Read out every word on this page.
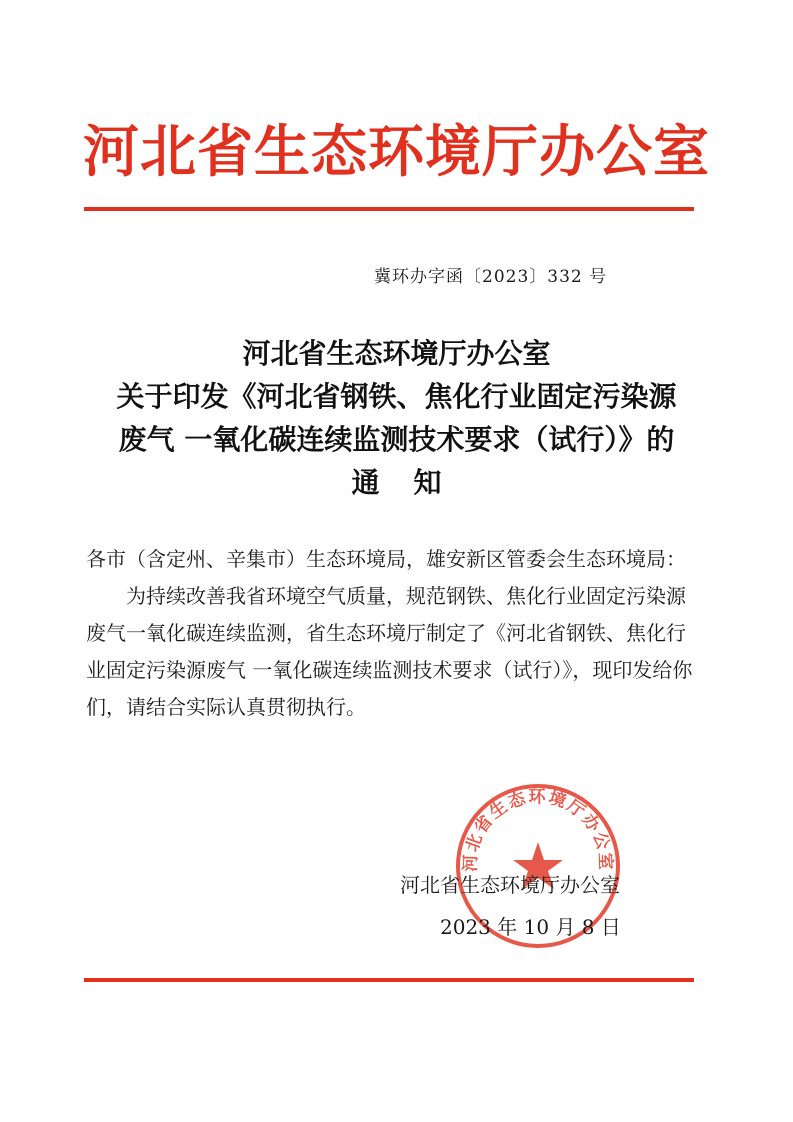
河北省生态环境厅办公室
冀环办字函〔2023〕332 号
河北省生态环境厅办公室
关于印发《河北省钢铁、焦化行业固定污染源
废气 一氧化碳连续监测技术要求（试行）》的
通知

各市（含定州、辛集市）生态环境局，雄安新区管委会生态环境局：

为持续改善我省环境空气质量，规范钢铁、焦化行业固定污染源废气一氧化碳连续监测，省生态环境厅制定了《河北省钢铁、焦化行业固定污染源废气 一氧化碳连续监测技术要求（试行）》，现印发给你们，请结合实际认真贯彻执行。

河北省生态环境厅办公室
河北省生态环境厅办公室
2023 年 10 月 8 日
